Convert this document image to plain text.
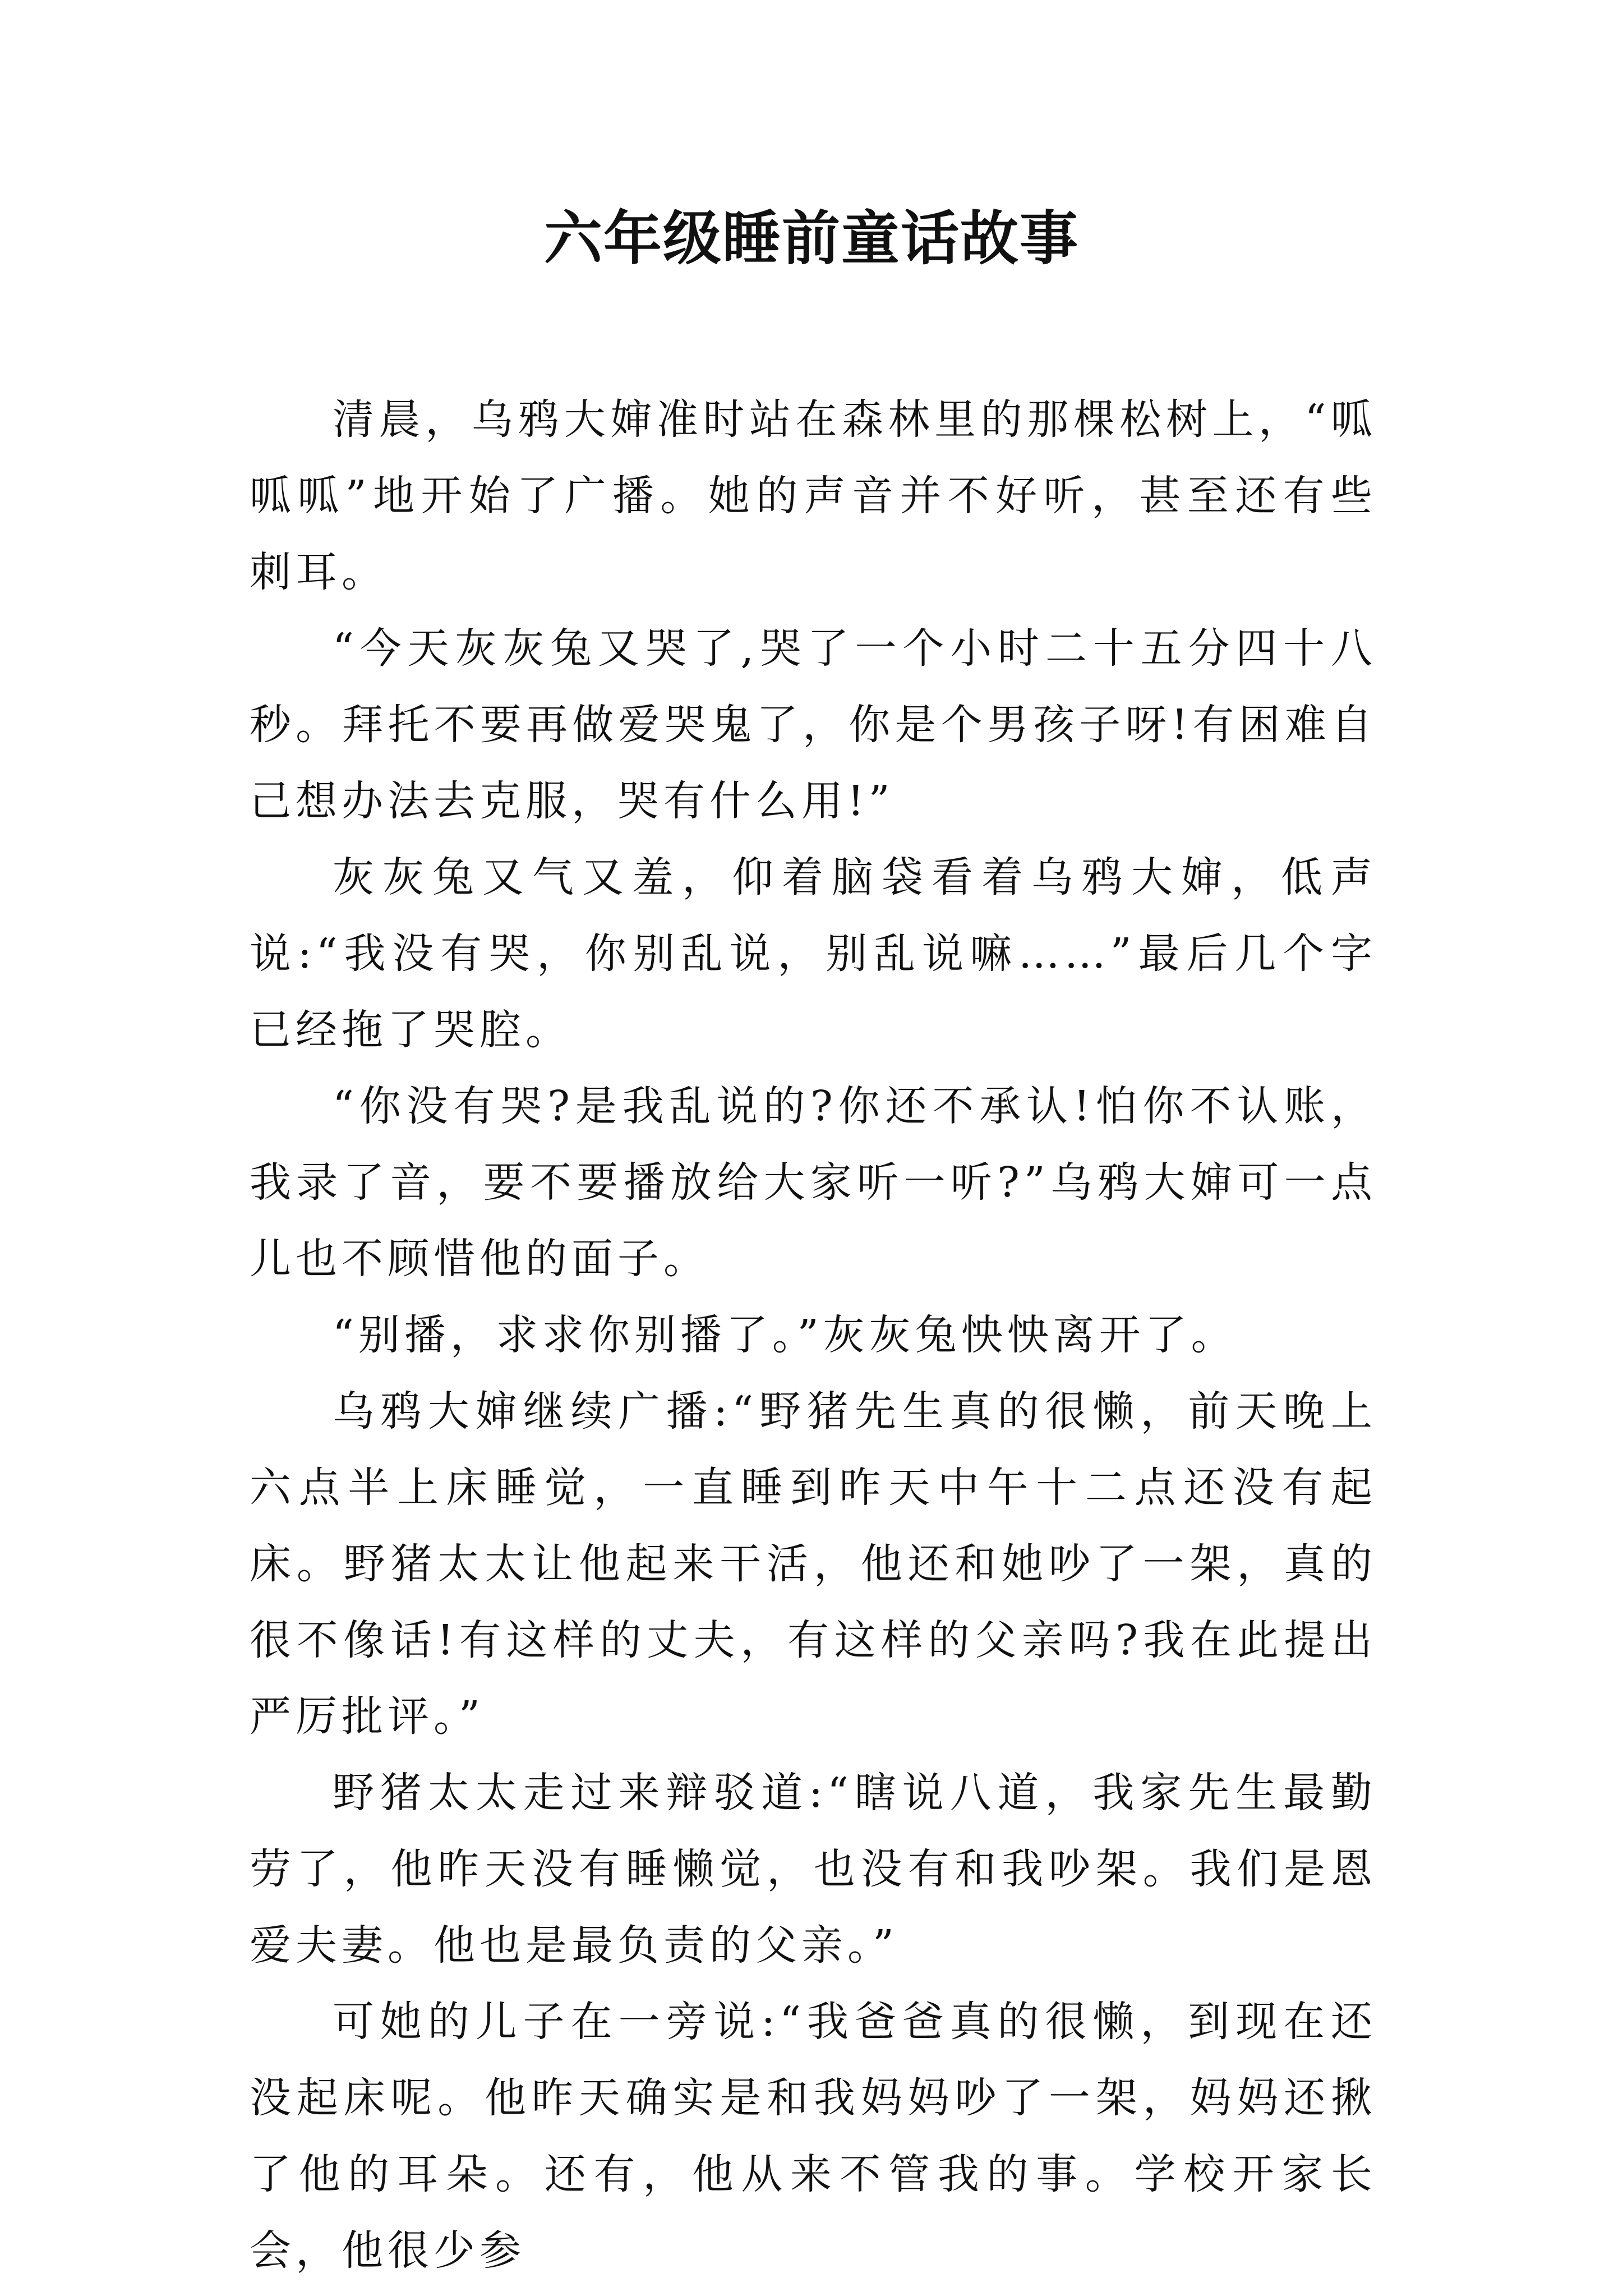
六年级睡前童话故事

清晨，乌鸦大婶准时站在森林里的那棵松树上，“呱呱呱”地开始了广播。她的声音并不好听，甚至还有些刺耳。

“今天灰灰兔又哭了,哭了一个小时二十五分四十八秒。拜托不要再做爱哭鬼了，你是个男孩子呀!有困难自己想办法去克服，哭有什么用!”

灰灰兔又气又羞，仰着脑袋看着乌鸦大婶，低声说:“我没有哭，你别乱说，别乱说嘛……”最后几个字已经拖了哭腔。

“你没有哭?是我乱说的?你还不承认!怕你不认账，我录了音，要不要播放给大家听一听?”乌鸦大婶可一点儿也不顾惜他的面子。

“别播，求求你别播了。”灰灰兔怏怏离开了。

乌鸦大婶继续广播:“野猪先生真的很懒，前天晚上六点半上床睡觉，一直睡到昨天中午十二点还没有起床。野猪太太让他起来干活，他还和她吵了一架，真的很不像话!有这样的丈夫，有这样的父亲吗?我在此提出严厉批评。”

野猪太太走过来辩驳道:“瞎说八道，我家先生最勤劳了，他昨天没有睡懒觉，也没有和我吵架。我们是恩爱夫妻。他也是最负责的父亲。”

可她的儿子在一旁说:“我爸爸真的很懒，到现在还没起床呢。他昨天确实是和我妈妈吵了一架，妈妈还揪了他的耳朵。还有，他从来不管我的事。学校开家长会，他很少参
